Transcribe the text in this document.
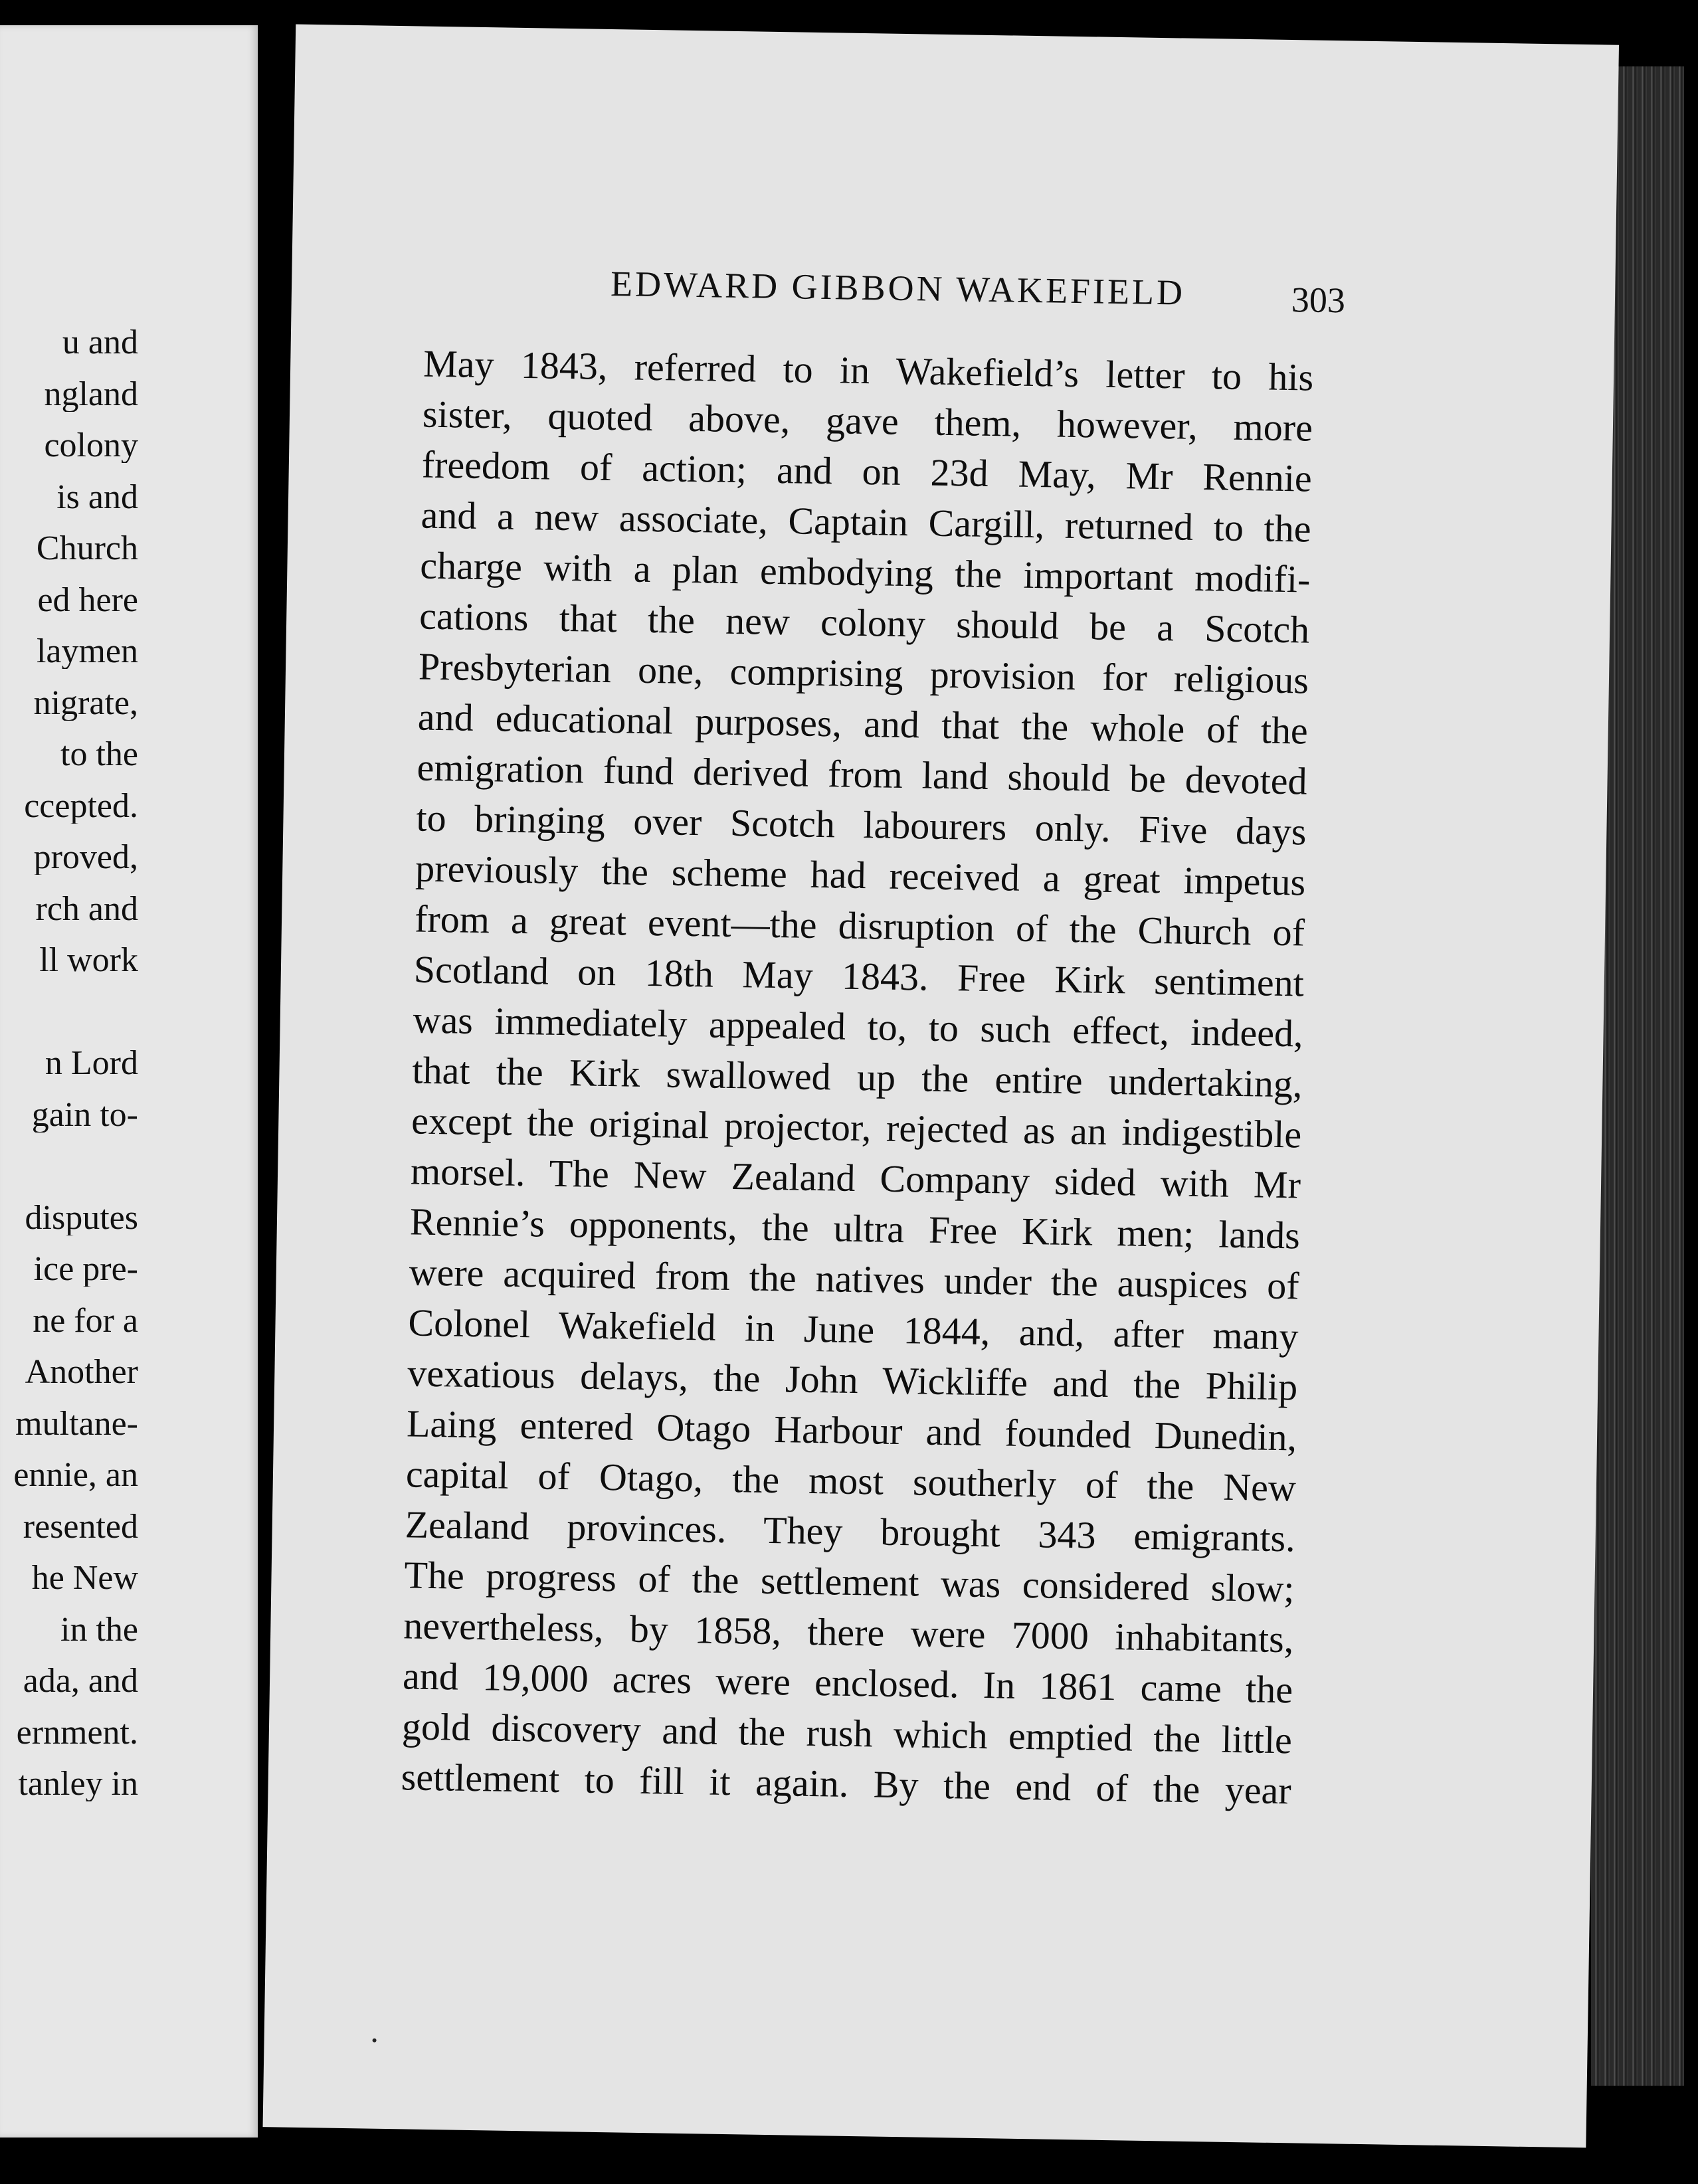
u and
ngland
colony
is and
Church
ed here
laymen
nigrate,
to the
ccepted.
proved,
rch and
ll work
n Lord
gain to-
disputes
ice pre-
ne for a
Another
multane-
ennie, an
resented
he New
in the
ada, and
ernment.
tanley in
EDWARD GIBBON WAKEFIELD	303
May 1843, referred to in Wakefield’s letter to his
sister, quoted above, gave them, however, more
freedom of action; and on 23d May, Mr Rennie
and a new associate, Captain Cargill, returned to the
charge with a plan embodying the important modifi-
cations that the new colony should be a Scotch
Presbyterian one, comprising provision for religious
and educational purposes, and that the whole of the
emigration fund derived from land should be devoted
to bringing over Scotch labourers only. Five days
previously the scheme had received a great impetus
from a great event—the disruption of the Church of
Scotland on 18th May 1843. Free Kirk sentiment
was immediately appealed to, to such effect, indeed,
that the Kirk swallowed up the entire undertaking,
except the original projector, rejected as an indigestible
morsel. The New Zealand Company sided with Mr
Rennie’s opponents, the ultra Free Kirk men; lands
were acquired from the natives under the auspices of
Colonel Wakefield in June 1844, and, after many
vexatious delays, the John Wickliffe and the Philip
Laing entered Otago Harbour and founded Dunedin,
capital of Otago, the most southerly of the New
Zealand provinces. They brought 343 emigrants.
The progress of the settlement was considered slow;
nevertheless, by 1858, there were 7000 inhabitants,
and 19,000 acres were enclosed. In 1861 came the
gold discovery and the rush which emptied the little
settlement to fill it again. By the end of the year
